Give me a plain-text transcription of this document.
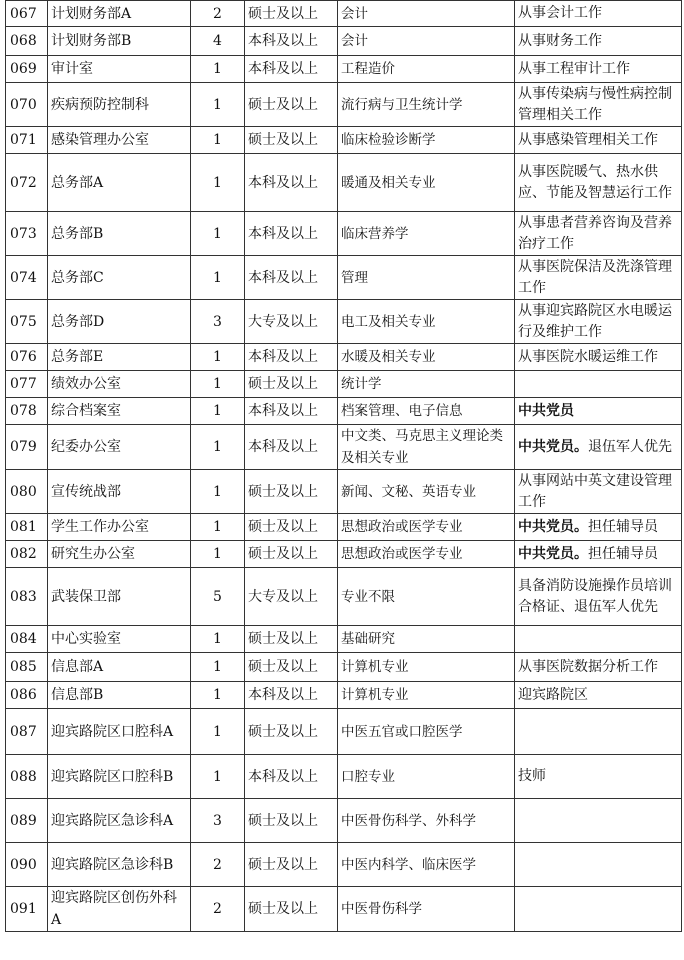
067	计划财务部A	2	硕士及以上	会计	从事会计工作
068	计划财务部B	4	本科及以上	会计	从事财务工作
069	审计室	1	本科及以上	工程造价	从事工程审计工作
070	疾病预防控制科	1	硕士及以上	流行病与卫生统计学	从事传染病与慢性病控制管理相关工作
071	感染管理办公室	1	硕士及以上	临床检验诊断学	从事感染管理相关工作
072	总务部A	1	本科及以上	暖通及相关专业	从事医院暖气、热水供应、节能及智慧运行工作
073	总务部B	1	本科及以上	临床营养学	从事患者营养咨询及营养治疗工作
074	总务部C	1	本科及以上	管理	从事医院保洁及洗涤管理工作
075	总务部D	3	大专及以上	电工及相关专业	从事迎宾路院区水电暖运行及维护工作
076	总务部E	1	本科及以上	水暖及相关专业	从事医院水暖运维工作
077	绩效办公室	1	硕士及以上	统计学	
078	综合档案室	1	本科及以上	档案管理、电子信息	中共党员
079	纪委办公室	1	本科及以上	中文类、马克思主义理论类及相关专业	中共党员。退伍军人优先
080	宣传统战部	1	硕士及以上	新闻、文秘、英语专业	从事网站中英文建设管理工作
081	学生工作办公室	1	硕士及以上	思想政治或医学专业	中共党员。担任辅导员
082	研究生办公室	1	硕士及以上	思想政治或医学专业	中共党员。担任辅导员
083	武装保卫部	5	大专及以上	专业不限	具备消防设施操作员培训合格证、退伍军人优先
084	中心实验室	1	硕士及以上	基础研究	
085	信息部A	1	硕士及以上	计算机专业	从事医院数据分析工作
086	信息部B	1	本科及以上	计算机专业	迎宾路院区
087	迎宾路院区口腔科A	1	硕士及以上	中医五官或口腔医学	
088	迎宾路院区口腔科B	1	本科及以上	口腔专业	技师
089	迎宾路院区急诊科A	3	硕士及以上	中医骨伤科学、外科学	
090	迎宾路院区急诊科B	2	硕士及以上	中医内科学、临床医学	
091	迎宾路院区创伤外科A	2	硕士及以上	中医骨伤科学	
